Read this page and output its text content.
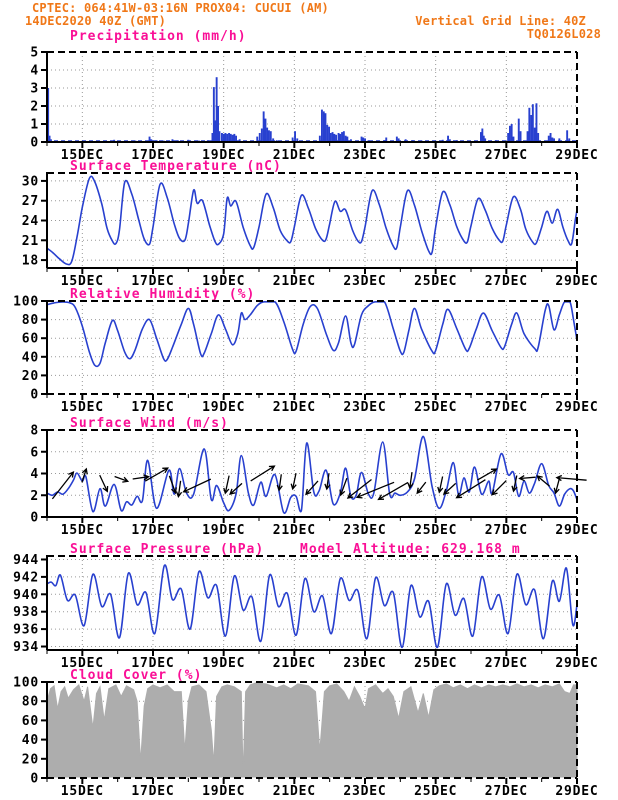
CPTEC: 064:41W-03:16N PROX04: CUCUI (AM)
14DEC2020 40Z (GMT)	Vertical Grid Line: 40Z
TQ0126L028
Precipitation (mm/h)
Surface Temperature (nC)
Relative Humidity (%)
Surface Wind (m/s)
Surface Pressure (hPa)	Model Altitude: 629.168 m
Cloud Cover (%)
0
1
2
3
4
5
15DEC 17DEC 19DEC 21DEC 23DEC 25DEC 27DEC 29DEC
18
21
24
27
30
15DEC 17DEC 19DEC 21DEC 23DEC 25DEC 27DEC 29DEC
0
20
40
60
80
100
15DEC 17DEC 19DEC 21DEC 23DEC 25DEC 27DEC 29DEC
0
2
4
6
8
15DEC 17DEC 19DEC 21DEC 23DEC 25DEC 27DEC 29DEC
934
936
938
940
942
944
15DEC 17DEC 19DEC 21DEC 23DEC 25DEC 27DEC 29DEC
0
20
40
60
80
100
15DEC 17DEC 19DEC 21DEC 23DEC 25DEC 27DEC 29DEC
